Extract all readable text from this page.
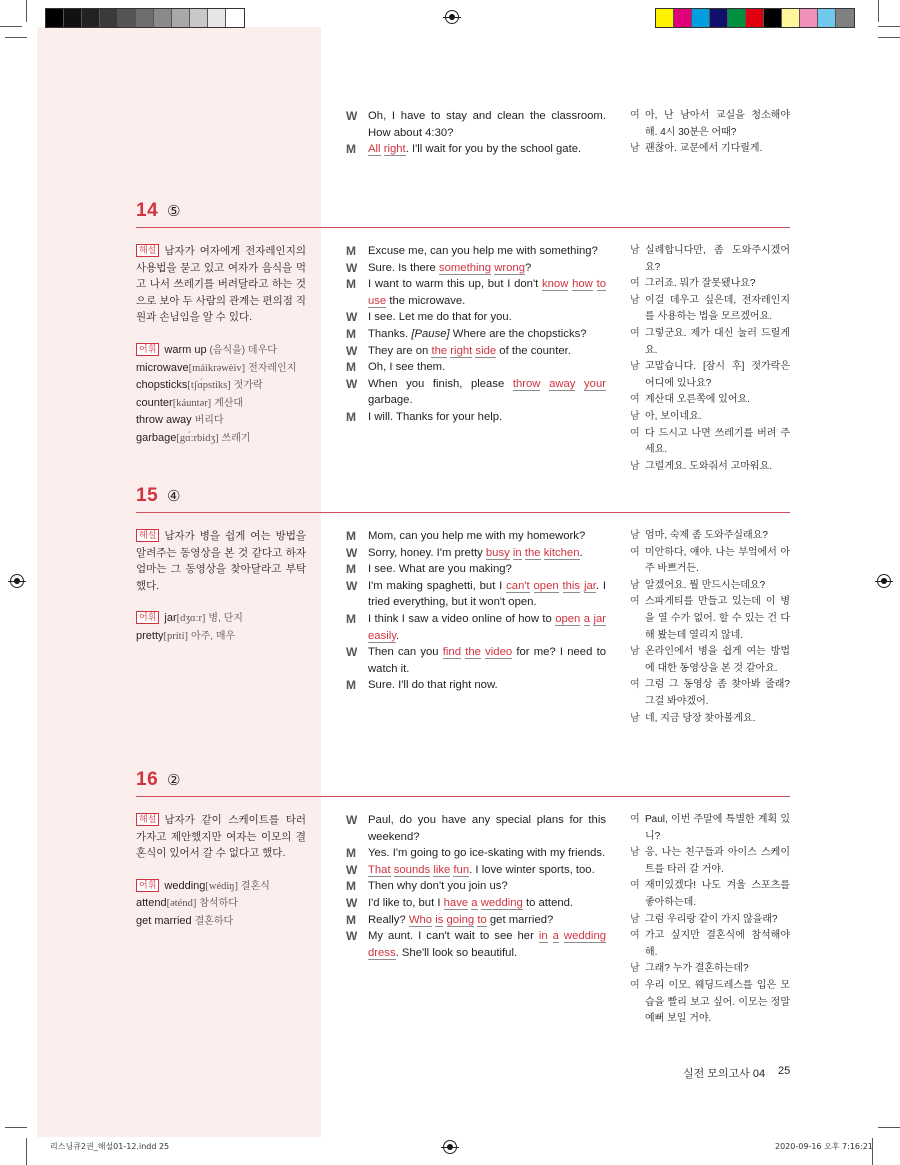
W Oh, I have to stay and clean the classroom. How about 4:30?
M All right. I'll wait for you by the school gate.
여 아, 난 남아서 교실을 청소해야 해. 4시 30분은 어때?
남 괜찮아. 교문에서 기다릴게.
14 ⑤

해설 남자가 여자에게 전자레인지의 사용법을 묻고 있고 여자가 음식을 먹고 나서 쓰레기를 버려달라고 하는 것으로 보아 두 사람의 관계는 편의점 직원과 손님임을 알 수 있다.

어휘 warm up (음식을) 데우다
microwave[máikrəwèiv] 전자레인지
chopsticks[tʃɑ́pstiks] 젓가락
counter[káuntər] 계산대
throw away 버리다
garbage[gɑ́ːrbidʒ] 쓰레기
M Excuse me, can you help me with something?
W Sure. Is there something wrong?
M I want to warm this up, but I don't know how to use the microwave.
W I see. Let me do that for you.
M Thanks. [Pause] Where are the chopsticks?
W They are on the right side of the counter.
M Oh, I see them.
W When you finish, please throw away your garbage.
M I will. Thanks for your help.
남 실례합니다만, 좀 도와주시겠어요?
여 그러죠. 뭐가 잘못됐나요?
남 이걸 데우고 싶은데, 전자레인지를 사용하는 법을 모르겠어요.
여 그렇군요. 제가 대신 눌러 드릴게요.
남 고맙습니다. [잠시 후] 젓가락은 어디에 있나요?
여 계산대 오른쪽에 있어요.
남 아, 보이네요.
여 다 드시고 나면 쓰레기를 버려 주세요.
남 그럴게요. 도와줘서 고마워요.
15 ④

해설 남자가 병을 쉽게 여는 방법을 알려주는 동영상을 본 것 같다고 하자 엄마는 그 동영상을 찾아달라고 부탁했다.

어휘 jar[dʒɑːr] 병, 단지
pretty[príti] 아주, 매우
M Mom, can you help me with my homework?
W Sorry, honey. I'm pretty busy in the kitchen.
M I see. What are you making?
W I'm making spaghetti, but I can't open this jar. I tried everything, but it won't open.
M I think I saw a video online of how to open a jar easily.
W Then can you find the video for me? I need to watch it.
M Sure. I'll do that right now.
남 엄마, 숙제 좀 도와주실래요?
여 미안하다, 얘야. 나는 부엌에서 아주 바쁘거든.
남 알겠어요. 뭘 만드시는데요?
여 스파게티를 만들고 있는데 이 병을 열 수가 없어. 할 수 있는 건 다 해 봤는데 열리지 않네.
남 온라인에서 병을 쉽게 여는 방법에 대한 동영상을 본 것 같아요.
여 그럼 그 동영상 좀 찾아봐 줄래? 그걸 봐야겠어.
남 네, 지금 당장 찾아볼게요.
16 ②

해설 남자가 같이 스케이트를 타러 가자고 제안했지만 여자는 이모의 결혼식이 있어서 갈 수 없다고 했다.

어휘 wedding[wédiŋ] 결혼식
attend[əténd] 참석하다
get married 결혼하다
W Paul, do you have any special plans for this weekend?
M Yes. I'm going to go ice-skating with my friends.
W That sounds like fun. I love winter sports, too.
M Then why don't you join us?
W I'd like to, but I have a wedding to attend.
M Really? Who is going to get married?
W My aunt. I can't wait to see her in a wedding dress. She'll look so beautiful.
여 Paul, 이번 주말에 특별한 계획 있니?
남 응, 나는 친구들과 아이스 스케이트를 타러 갈 거야.
여 재미있겠다! 나도 겨울 스포츠를 좋아하는데.
남 그럼 우리랑 같이 가지 않을래?
여 가고 싶지만 결혼식에 참석해야 해.
남 그래? 누가 결혼하는데?
여 우리 이모. 웨딩드레스를 입은 모습을 빨리 보고 싶어. 이모는 정말 예뻐 보일 거야.
실전 모의고사 04 25
리스닝큐2권_해설01-12.indd 25	2020-09-16 오후 7:16:21
